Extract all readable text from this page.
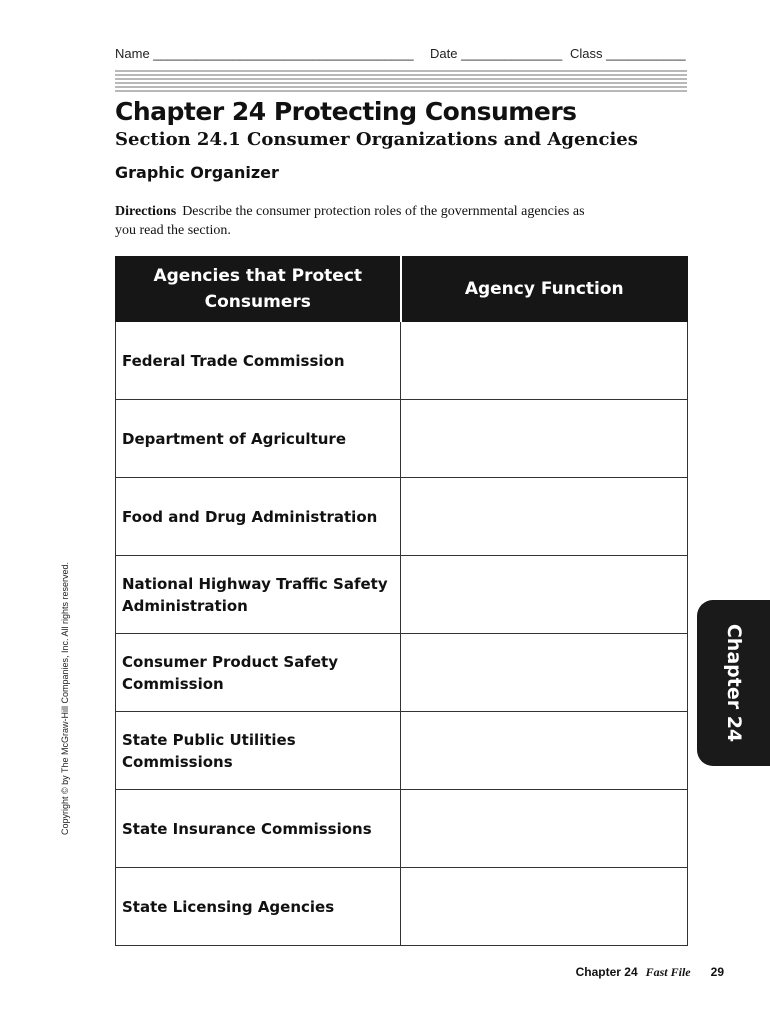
Name ____________________________________ Date ______________ Class ___________
Chapter 24 Protecting Consumers
Section 24.1 Consumer Organizations and Agencies
Graphic Organizer
Directions Describe the consumer protection roles of the governmental agencies as you read the section.
Agencies that Protect Consumers	Agency Function
Federal Trade Commission	
Department of Agriculture	
Food and Drug Administration	
National Highway Traffic Safety Administration	
Consumer Product Safety Commission	
State Public Utilities Commissions	
State Insurance Commissions	
State Licensing Agencies	
Copyright © by The McGraw-Hill Companies, Inc. All rights reserved.	Chapter 24
Chapter 24 Fast File 29
